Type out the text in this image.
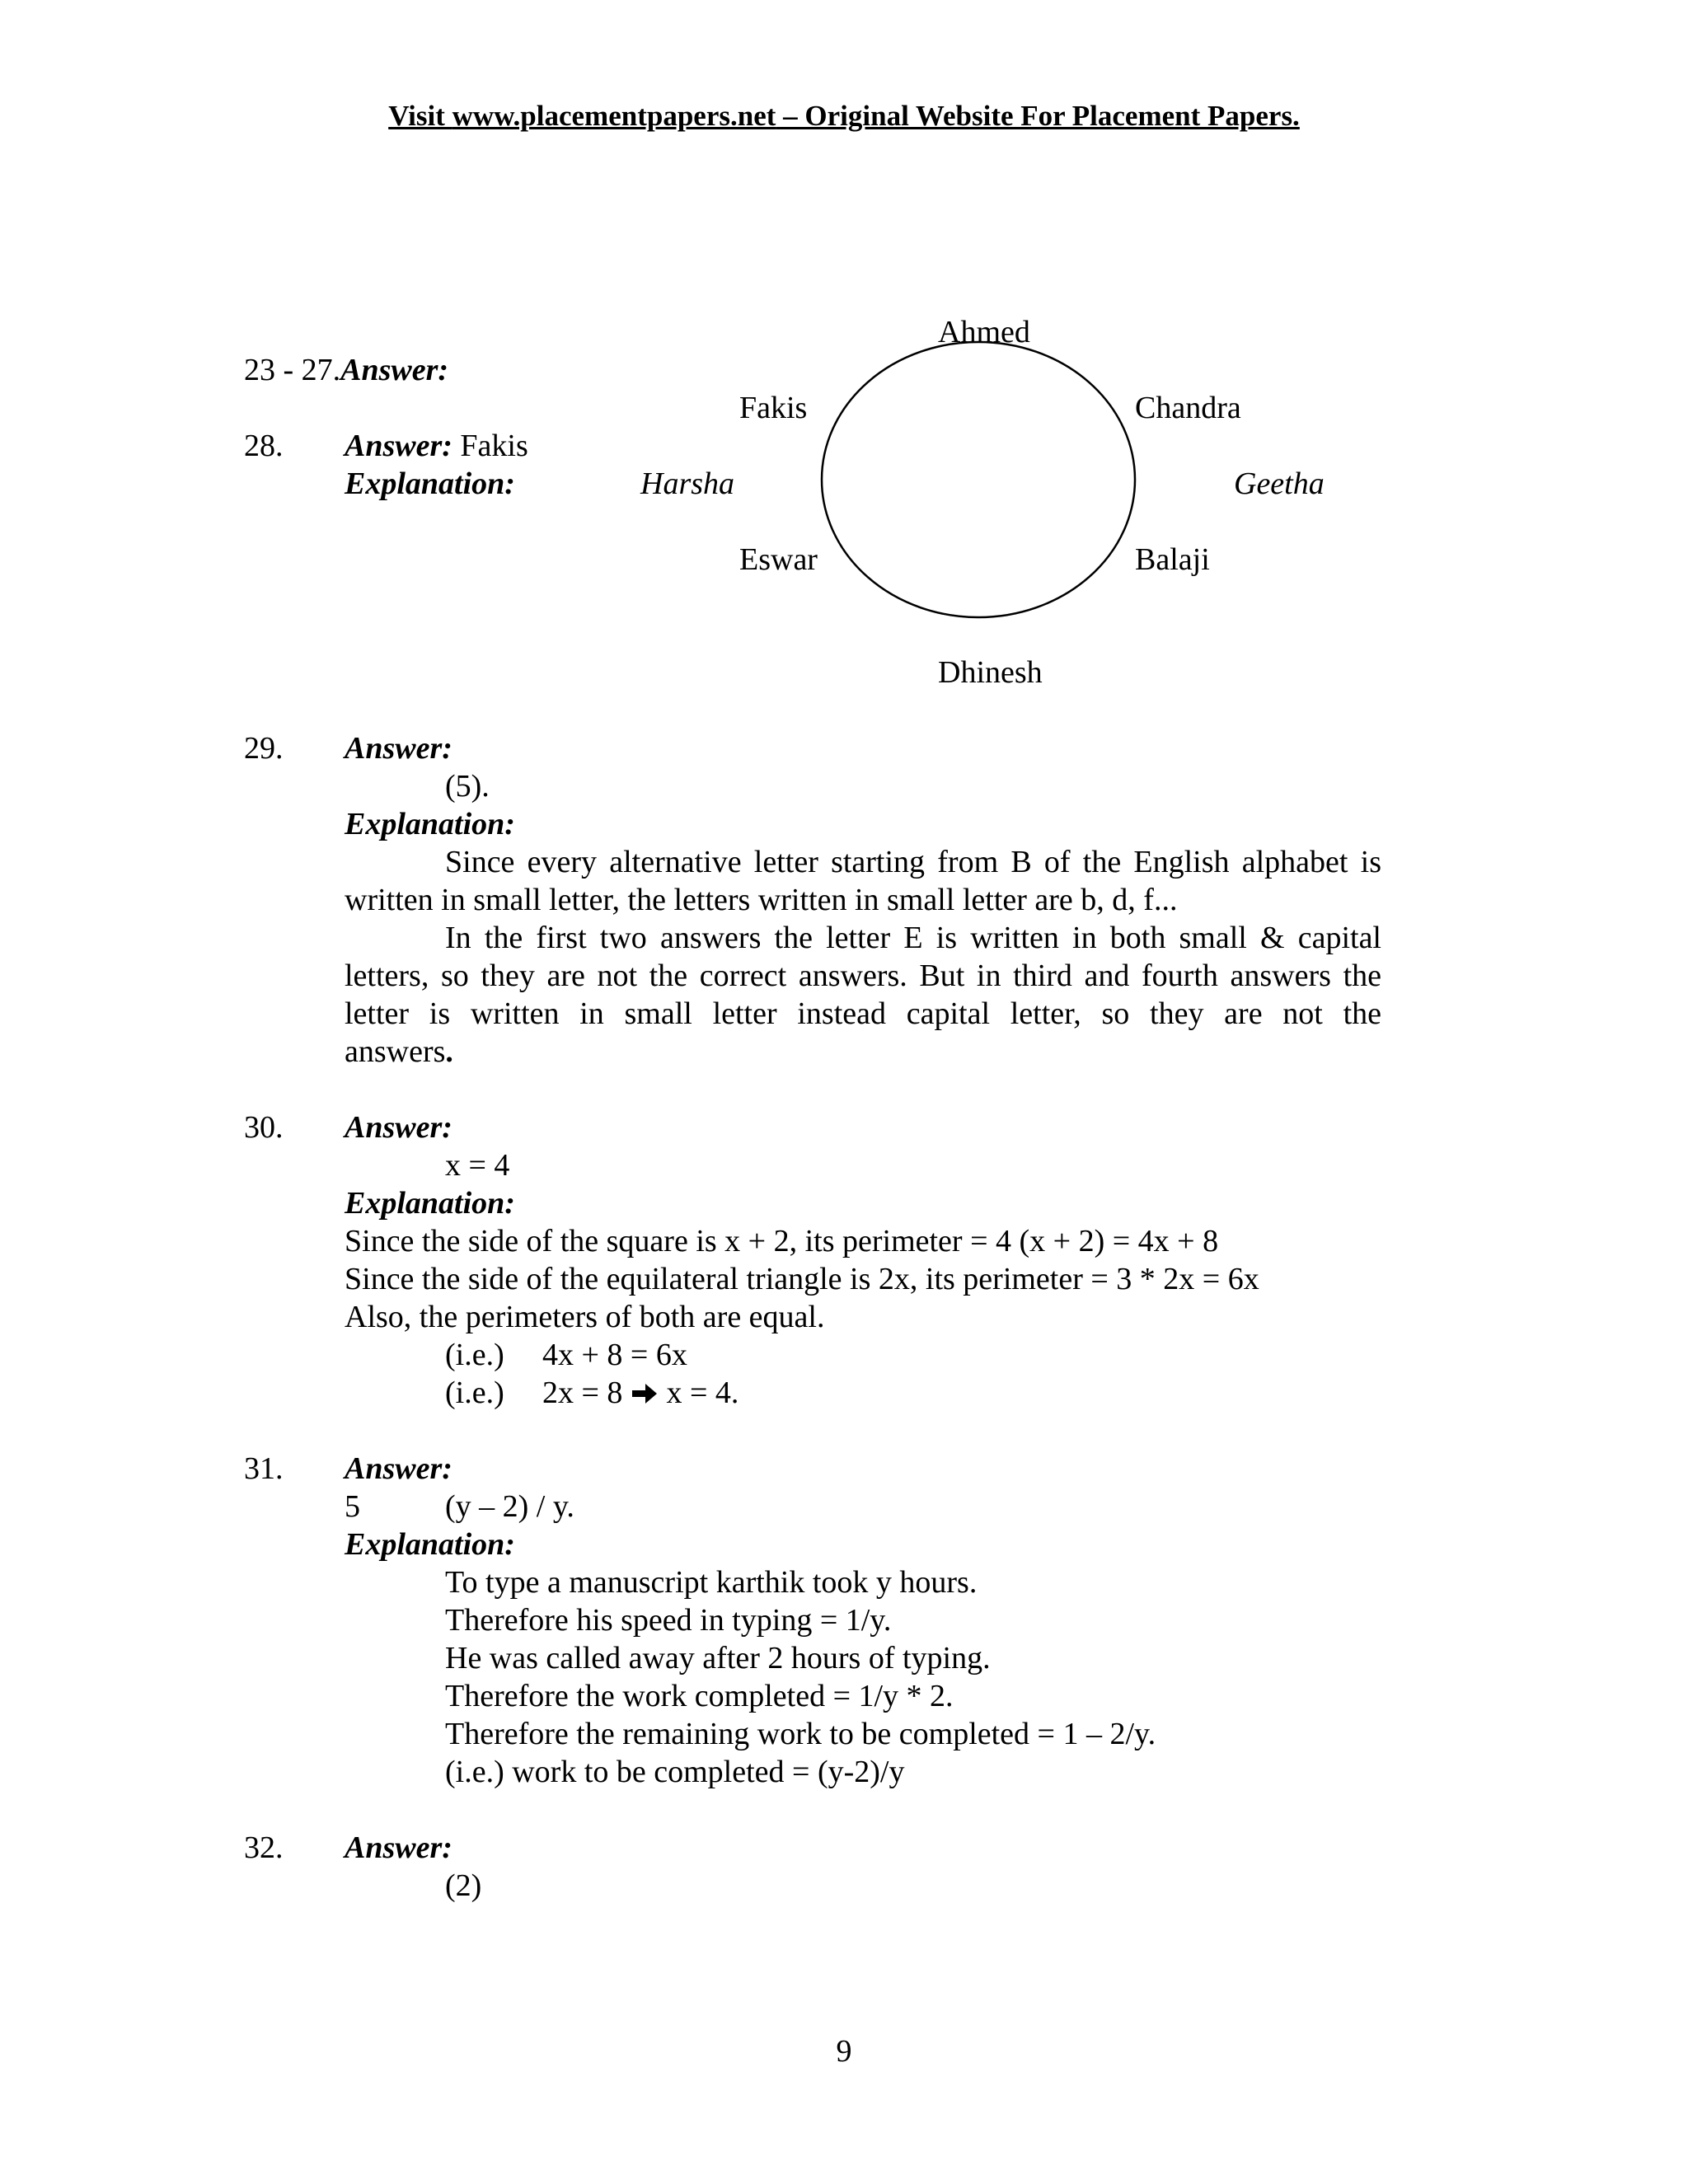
Visit www.placementpapers.net – Original Website For Placement Papers.
23 - 27.Answer:
28. Answer: Fakis
Explanation:
Ahmed
Fakis	Chandra
Harsha	Geetha
Eswar	Balaji
Dhinesh
29. Answer:
(5).
Explanation:
Since every alternative letter starting from B of the English alphabet is
written in small letter, the letters written in small letter are b, d, f...
In the first two answers the letter E is written in both small & capital
letters, so they are not the correct answers. But in third and fourth answers the
letter is written in small letter instead capital letter, so they are not the
answers.
30. Answer:
x = 4
Explanation:
Since the side of the square is x + 2, its perimeter = 4 (x + 2) = 4x + 8
Since the side of the equilateral triangle is 2x, its perimeter = 3 * 2x = 6x
Also, the perimeters of both are equal.
(i.e.) 4x + 8 = 6x
(i.e.) 2x = 8 x = 4.
31. Answer:
5	(y – 2) / y.
Explanation:
To type a manuscript karthik took y hours.
Therefore his speed in typing = 1/y.
He was called away after 2 hours of typing.
Therefore the work completed = 1/y * 2.
Therefore the remaining work to be completed = 1 – 2/y.
(i.e.) work to be completed = (y-2)/y
32. Answer:
(2)
9
